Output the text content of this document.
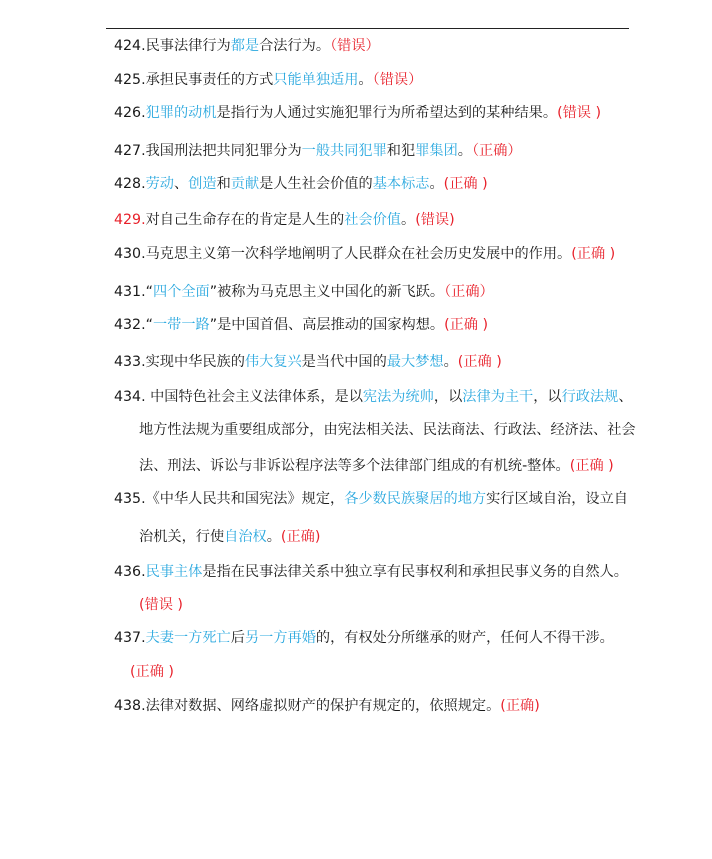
424.民事法律行为都是合法行为。（错误）
425.承担民事责任的方式只能单独适用。（错误）
426.犯罪的动机是指行为人通过实施犯罪行为所希望达到的某种结果。(错误 )
427.我国刑法把共同犯罪分为一般共同犯罪和犯罪集团。（正确）
428.劳动、创造和贡献是人生社会价值的基本标志。(正确 )
429.对自己生命存在的肯定是人生的社会价值。(错误)
430.马克思主义第一次科学地阐明了人民群众在社会历史发展中的作用。(正确 )
431.“四个全面”被称为马克思主义中国化的新飞跃。（正确）
432.“一带一路”是中国首倡、高层推动的国家构想。(正确 )
433.实现中华民族的伟大复兴是当代中国的最大梦想。(正确 )
434. 中国特色社会主义法律体系，是以宪法为统帅，以法律为主干，以行政法规、
地方性法规为重要组成部分，由宪法相关法、民法商法、行政法、经济法、社会
法、刑法、诉讼与非诉讼程序法等多个法律部门组成的有机统-整体。(正确 )
435.《中华人民共和国宪法》规定，各少数民族聚居的地方实行区域自治，设立自
治机关，行使自治权。(正确)
436.民事主体是指在民事法律关系中独立享有民事权利和承担民事义务的自然人。
(错误 )
437.夫妻一方死亡后另一方再婚的，有权处分所继承的财产，任何人不得干涉。
(正确 )
438.法律对数据、网络虚拟财产的保护有规定的，依照规定。(正确)
